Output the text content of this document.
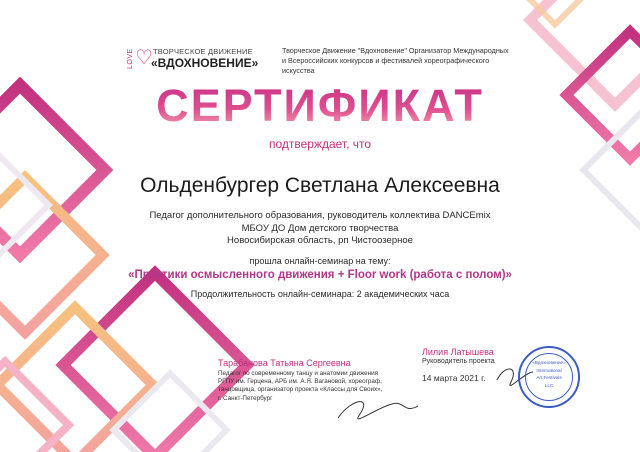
LOVE ♡ ТВОРЧЕСКОЕ ДВИЖЕНИЕ
«ВДОХНОВЕНИЕ»
Творческое Движение "Вдохновение" Организатор Международных
и Всероссийских конкурсов и фестивалей хореографического искусства
СЕРТИФИКАТ
подтверждает, что
Ольденбургер Светлана Алексеевна
Педагог дополнительного образования, руководитель коллектива DANCEmix
МБОУ ДО Дом детского творчества
Новосибирская область, рп Чистоозерное
прошла онлайн-семинар на тему:
«Практики осмысленного движения + Floor work (работа с полом)»
Продолжительность онлайн-семинара: 2 академических часа
Тарабанова Татьяна Сергеевна
Педагог по современному танцу и анатомии движения
РГПУ им. Герцена, АРБ им. А.Я. Вагановой, хореограф,
танцовщица, организатор проекта «Классы для Своих»,
г. Санкт-Петербург
Лилия Латышева
Руководитель проекта
14 марта 2021 г.
«Вдохновение»
International
Art Festivals
LLC
